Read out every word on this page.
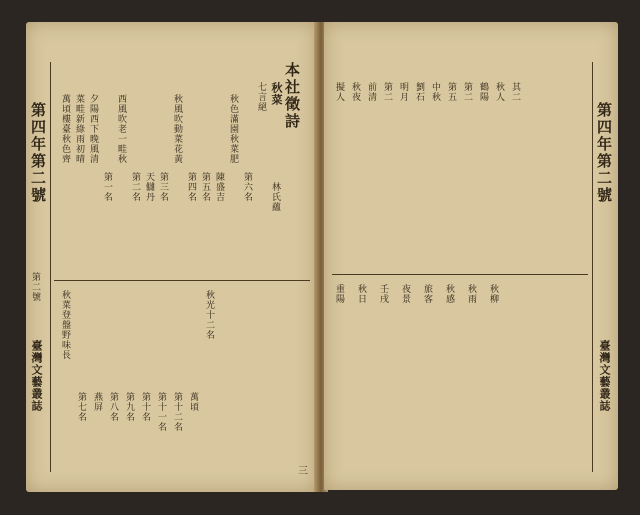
第四年第二號
臺灣文藝叢誌
萬頃樓臺秋色齊 菜畦新綠雨初晴 夕陽西下晚風清
第一名
西風吹老一畦秋
第二名 天讎丹 第三名
秋風吹動菜花黃
第四名 第五名 陳盛吉
秋色滿園秋菜肥
第六名
七言絕 秋菜 本社徵詩
林氏蘊
秋菜登盤野味長
第七名 燕屏 第八名 第九名 第十名 第十一名 第十二名 萬頃
秋光十二名
第二號
三
擬人 秋夜 前清 第二 明月 劉石 中秋 第五 第二 鶴陽 秋人 其二
重陽 秋日 壬戌 夜景 旅客 秋感 秋雨 秋柳
第四年第二號
臺灣文藝叢誌
